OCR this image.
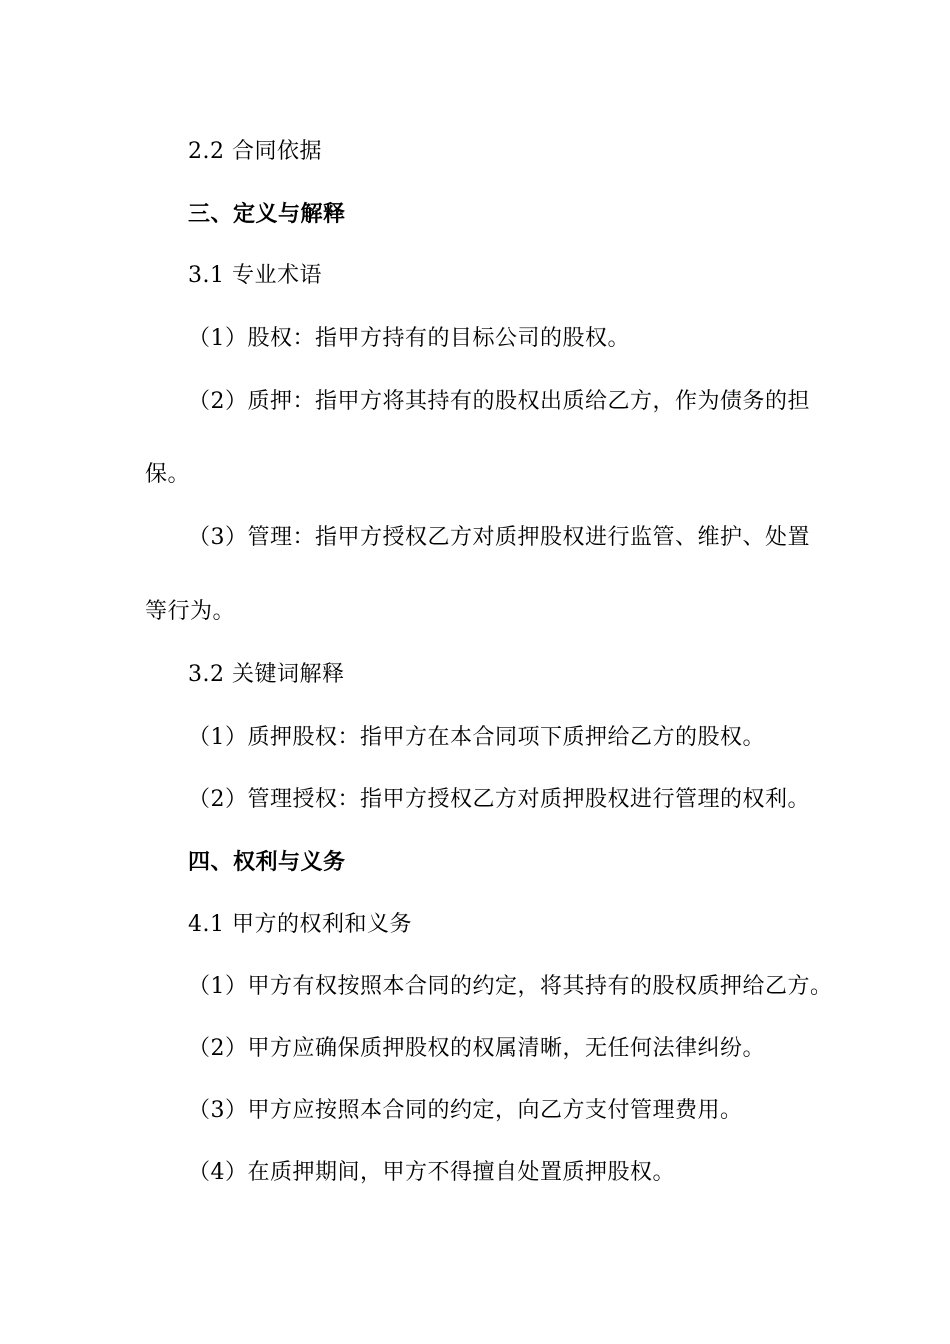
2.2 合同依据
三、定义与解释
3.1 专业术语
（1）股权：指甲方持有的目标公司的股权。
（2）质押：指甲方将其持有的股权出质给乙方，作为债务的担
保。
（3）管理：指甲方授权乙方对质押股权进行监管、维护、处置
等行为。
3.2 关键词解释
（1）质押股权：指甲方在本合同项下质押给乙方的股权。
（2）管理授权：指甲方授权乙方对质押股权进行管理的权利。
四、权利与义务
4.1 甲方的权利和义务
（1）甲方有权按照本合同的约定，将其持有的股权质押给乙方。
（2）甲方应确保质押股权的权属清晰，无任何法律纠纷。
（3）甲方应按照本合同的约定，向乙方支付管理费用。
（4）在质押期间，甲方不得擅自处置质押股权。
